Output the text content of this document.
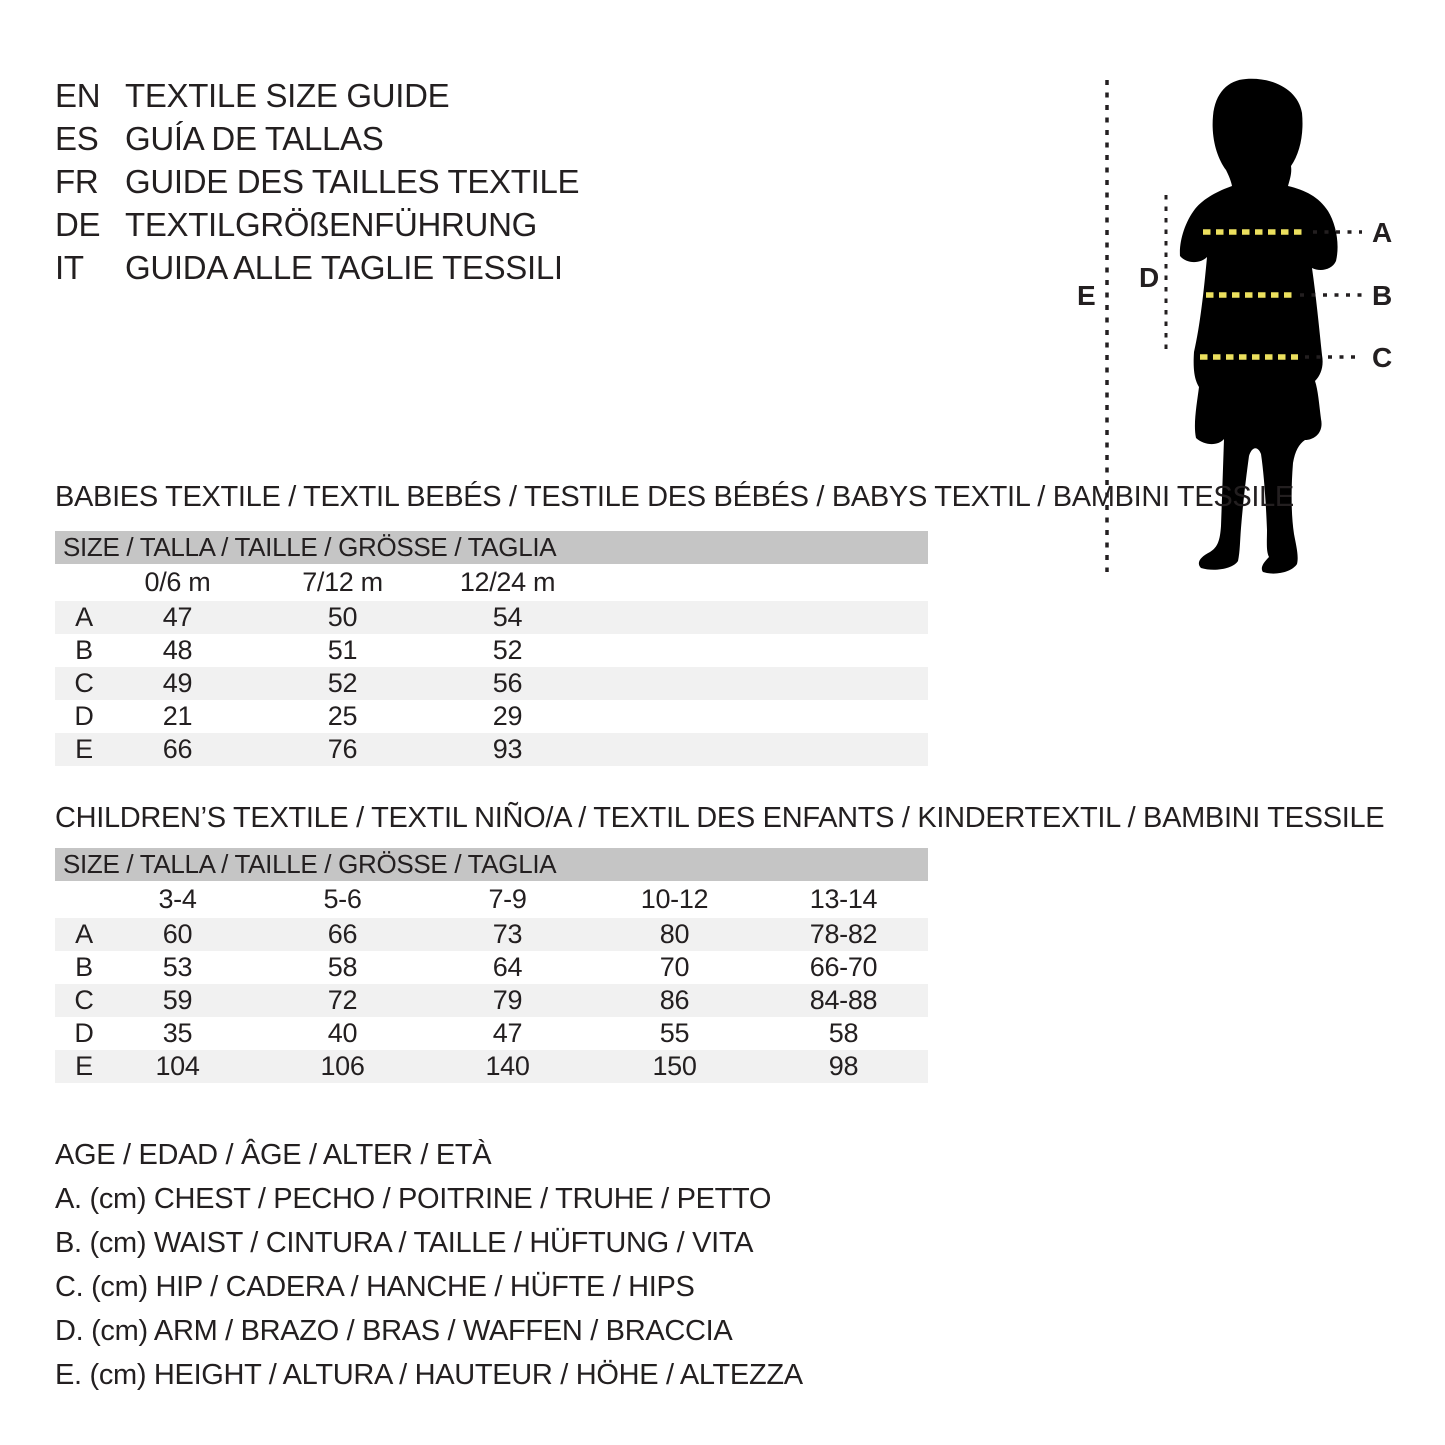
EN TEXTILE SIZE GUIDE
ES GUÍA DE TALLAS
FR GUIDE DES TAILLES TEXTILE
DE TEXTILGRÖßENFÜHRUNG
IT	GUIDA ALLE TAGLIE TESSILI
A
B
C
D
E
BABIES TEXTILE / TEXTIL BEBÉS / TESTILE DES BÉBÉS / BABYS TEXTIL / BAMBINI TESSILE
SIZE / TALLA / TAILLE / GRÖSSE / TAGLIA					
	0/6 m	7/12 m	12/24 m		
A	47	50	54		
B	48	51	52		
C	49	52	56		
D	21	25	29		
E	66	76	93		
CHILDREN’S TEXTILE / TEXTIL NIÑO/A / TEXTIL DES ENFANTS / KINDERTEXTIL / BAMBINI TESSILE
SIZE / TALLA / TAILLE / GRÖSSE / TAGLIA					
	3-4	5-6	7-9	10-12	13-14
A	60	66	73	80	78-82
B	53	58	64	70	66-70
C	59	72	79	86	84-88
D	35	40	47	55	58
E	104	106	140	150	98
AGE / EDAD / ÂGE / ALTER / ETÀ
A. (cm) CHEST / PECHO / POITRINE / TRUHE / PETTO
B. (cm) WAIST / CINTURA / TAILLE / HÜFTUNG / VITA
C. (cm) HIP / CADERA / HANCHE / HÜFTE / HIPS
D. (cm) ARM / BRAZO / BRAS / WAFFEN / BRACCIA
E. (cm) HEIGHT / ALTURA / HAUTEUR / HÖHE / ALTEZZA
